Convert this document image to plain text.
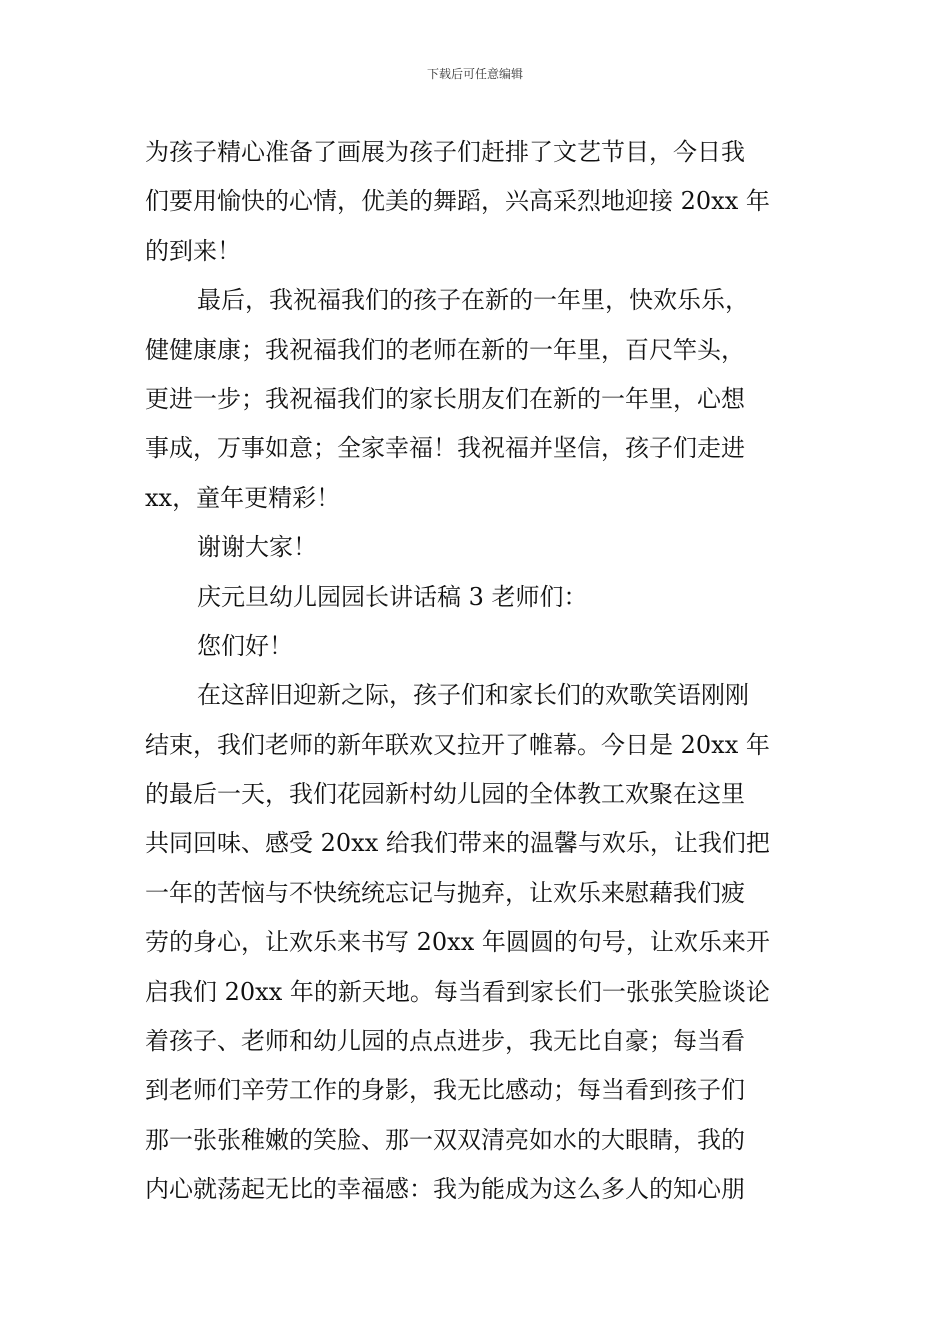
下载后可任意编辑
为孩子精心准备了画展为孩子们赶排了文艺节目，今日我
们要用愉快的心情，优美的舞蹈，兴高采烈地迎接 20xx 年
的到来！
最后，我祝福我们的孩子在新的一年里，快欢乐乐，
健健康康；我祝福我们的老师在新的一年里，百尺竿头，
更进一步；我祝福我们的家长朋友们在新的一年里，心想
事成，万事如意；全家幸福！我祝福并坚信，孩子们走进
xx，童年更精彩！
谢谢大家！
庆元旦幼儿园园长讲话稿 3 老师们：
您们好！
在这辞旧迎新之际，孩子们和家长们的欢歌笑语刚刚
结束，我们老师的新年联欢又拉开了帷幕。今日是 20xx 年
的最后一天，我们花园新村幼儿园的全体教工欢聚在这里
共同回味、感受 20xx 给我们带来的温馨与欢乐，让我们把
一年的苦恼与不快统统忘记与抛弃，让欢乐来慰藉我们疲
劳的身心，让欢乐来书写 20xx 年圆圆的句号，让欢乐来开
启我们 20xx 年的新天地。每当看到家长们一张张笑脸谈论
着孩子、老师和幼儿园的点点进步，我无比自豪；每当看
到老师们辛劳工作的身影，我无比感动；每当看到孩子们
那一张张稚嫩的笑脸、那一双双清亮如水的大眼睛，我的
内心就荡起无比的幸福感：我为能成为这么多人的知心朋
